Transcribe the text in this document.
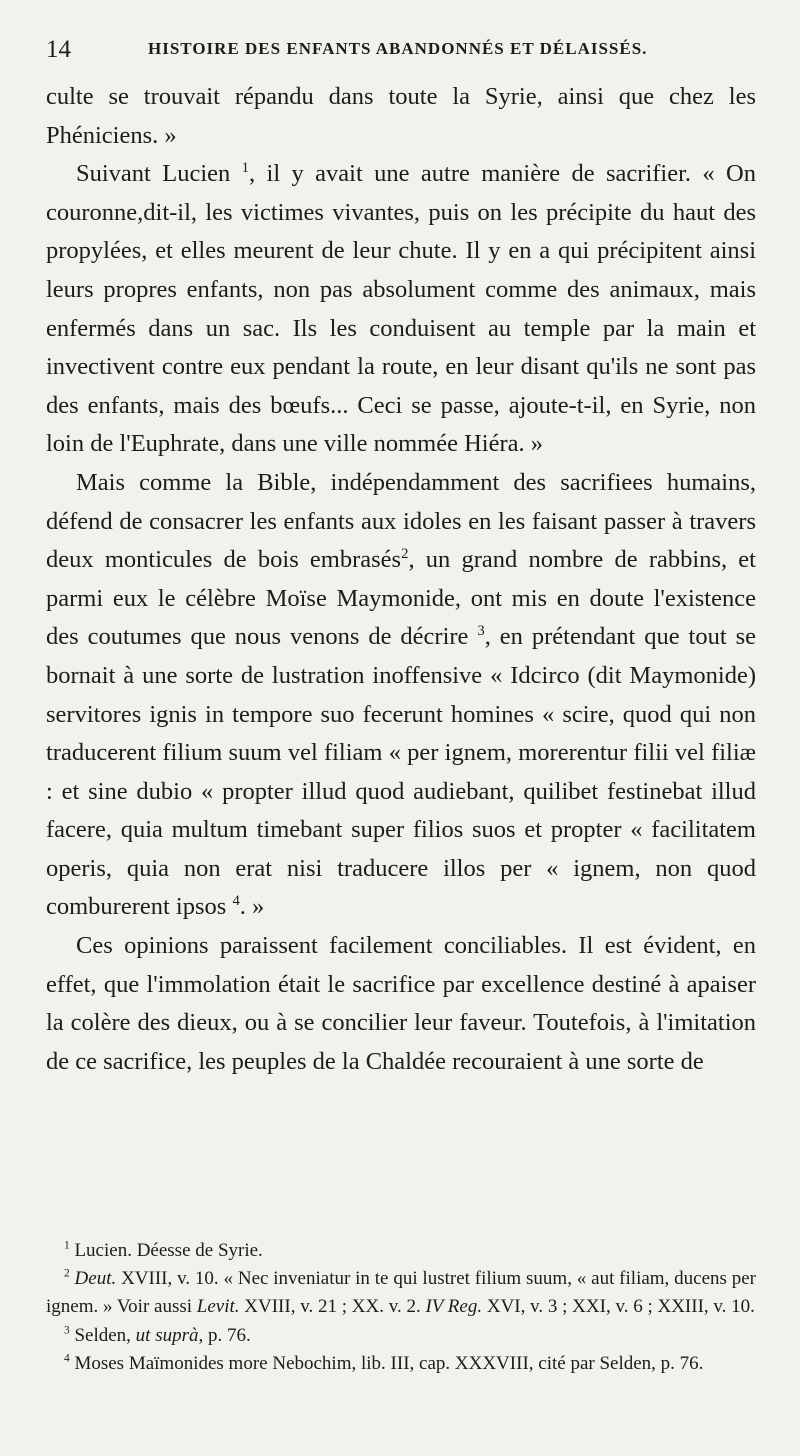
14	HISTOIRE DES ENFANTS ABANDONNÉS ET DÉLAISSÉS.

culte se trouvait répandu dans toute la Syrie, ainsi que chez les Phéniciens. »

Suivant Lucien $^1$, il y avait une autre manière de sacrifier. « On couronne,dit-il, les victimes vivantes, puis on les précipite du haut des propylées, et elles meurent de leur chute. Il y en a qui précipitent ainsi leurs propres enfants, non pas absolument comme des animaux, mais enfermés dans un sac. Ils les conduisent au temple par la main et invectivent contre eux pendant la route, en leur disant qu'ils ne sont pas des enfants, mais des bœufs... Ceci se passe, ajoute-t-il, en Syrie, non loin de l'Euphrate, dans une ville nommée Hiéra. »

Mais comme la Bible, indépendamment des sacrifiees humains, défend de consacrer les enfants aux idoles en les faisant passer à travers deux monticules de bois embrasés$^2$, un grand nombre de rabbins, et parmi eux le célèbre Moïse Maymonide, ont mis en doute l'existence des coutumes que nous venons de décrire $^3$, en prétendant que tout se bornait à une sorte de lustration inoffensive « Idcirco (dit Maymonide) servitores ignis in tempore suo fecerunt homines « scire, quod qui non traducerent filium suum vel filiam « per ignem, morerentur filii vel filiæ : et sine dubio « propter illud quod audiebant, quilibet festinebat illud facere, quia multum timebant super filios suos et propter « facilitatem operis, quia non erat nisi traducere illos per « ignem, non quod comburerent ipsos $^4$. »

Ces opinions paraissent facilement conciliables. Il est évident, en effet, que l'immolation était le sacrifice par excellence destiné à apaiser la colère des dieux, ou à se concilier leur faveur. Toutefois, à l'imitation de ce sacrifice, les peuples de la Chaldée recouraient à une sorte de

$^1$ Lucien. Déesse de Syrie.

$^2$ Deut. XVIII, v. 10. « Nec inveniatur in te qui lustret filium suum, « aut filiam, ducens per ignem. » Voir aussi Levit. XVIII, v. 21 ; XX. v. 2. IV Reg. XVI, v. 3 ; XXI, v. 6 ; XXIII, v. 10.

$^3$ Selden, ut suprà, p. 76.

$^4$ Moses Maïmonides more Nebochim, lib. III, cap. XXXVIII, cité par Selden, p. 76.
